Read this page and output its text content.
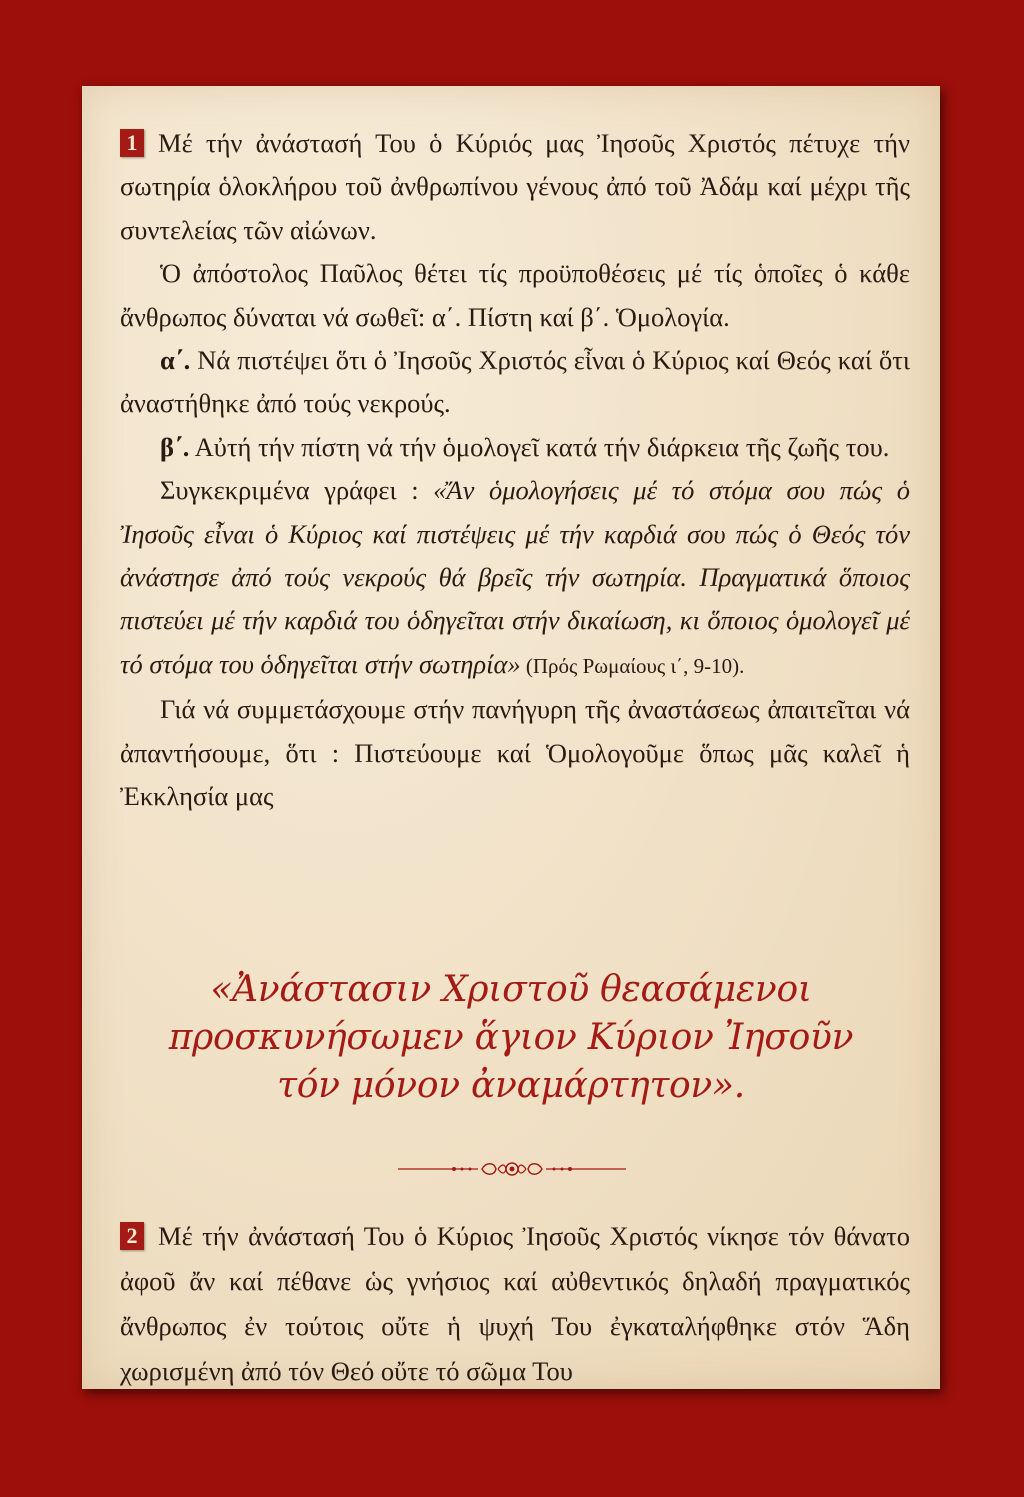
1 Μέ τήν ἀνάστασή Του ὁ Κύριός μας Ἰησοῦς Χριστός πέτυχε τήν σωτηρία ὁλοκλήρου τοῦ ἀνθρωπίνου γένους ἀπό τοῦ Ἀδάμ καί μέχρι τῆς συντελείας τῶν αἰώνων.

Ὁ ἀπόστολος Παῦλος θέτει τίς προϋποθέσεις μέ τίς ὁποῖες ὁ κάθε ἄνθρωπος δύναται νά σωθεῖ: α΄. Πίστη καί β΄. Ὁμολογία.

α΄. Νά πιστέψει ὅτι ὁ Ἰησοῦς Χριστός εἶναι ὁ Κύριος καί Θεός καί ὅτι ἀναστήθηκε ἀπό τούς νεκρούς.

β΄. Αὐτή τήν πίστη νά τήν ὁμολογεῖ κατά τήν διάρκεια τῆς ζωῆς του.

Συγκεκριμένα γράφει : «Ἄν ὁμολογήσεις μέ τό στόμα σου πώς ὁ Ἰησοῦς εἶναι ὁ Κύριος καί πιστέψεις μέ τήν καρδιά σου πώς ὁ Θεός τόν ἀνάστησε ἀπό τούς νεκρούς θά βρεῖς τήν σωτηρία. Πραγματικά ὅποιος πιστεύει μέ τήν καρδιά του ὁδηγεῖται στήν δικαίωση, κι ὅποιος ὁμολογεῖ μέ τό στόμα του ὁδηγεῖται στήν σωτηρία» (Πρός Ρωμαίους ι΄, 9-10).

Γιά νά συμμετάσχουμε στήν πανήγυρη τῆς ἀναστάσεως ἀπαιτεῖται νά ἀπαντήσουμε, ὅτι : Πιστεύουμε καί Ὁμολογοῦμε ὅπως μᾶς καλεῖ ἡ Ἐκκλησία μας

«Ἀνάστασιν Χριστοῦ θεασάμενοι
προσκυνήσωμεν ἅγιον Κύριον Ἰησοῦν
τόν μόνον ἀναμάρτητον».

2 Μέ τήν ἀνάστασή Του ὁ Κύριος Ἰησοῦς Χριστός νίκησε τόν θάνατο ἀφοῦ ἄν καί πέθανε ὡς γνήσιος καί αὐθεντικός δηλαδή πραγματικός ἄνθρωπος ἐν τούτοις οὔτε ἡ ψυχή Του ἐγκαταλήφθηκε στόν Ἅδη χωρισμένη ἀπό τόν Θεό οὔτε τό σῶμα Του
